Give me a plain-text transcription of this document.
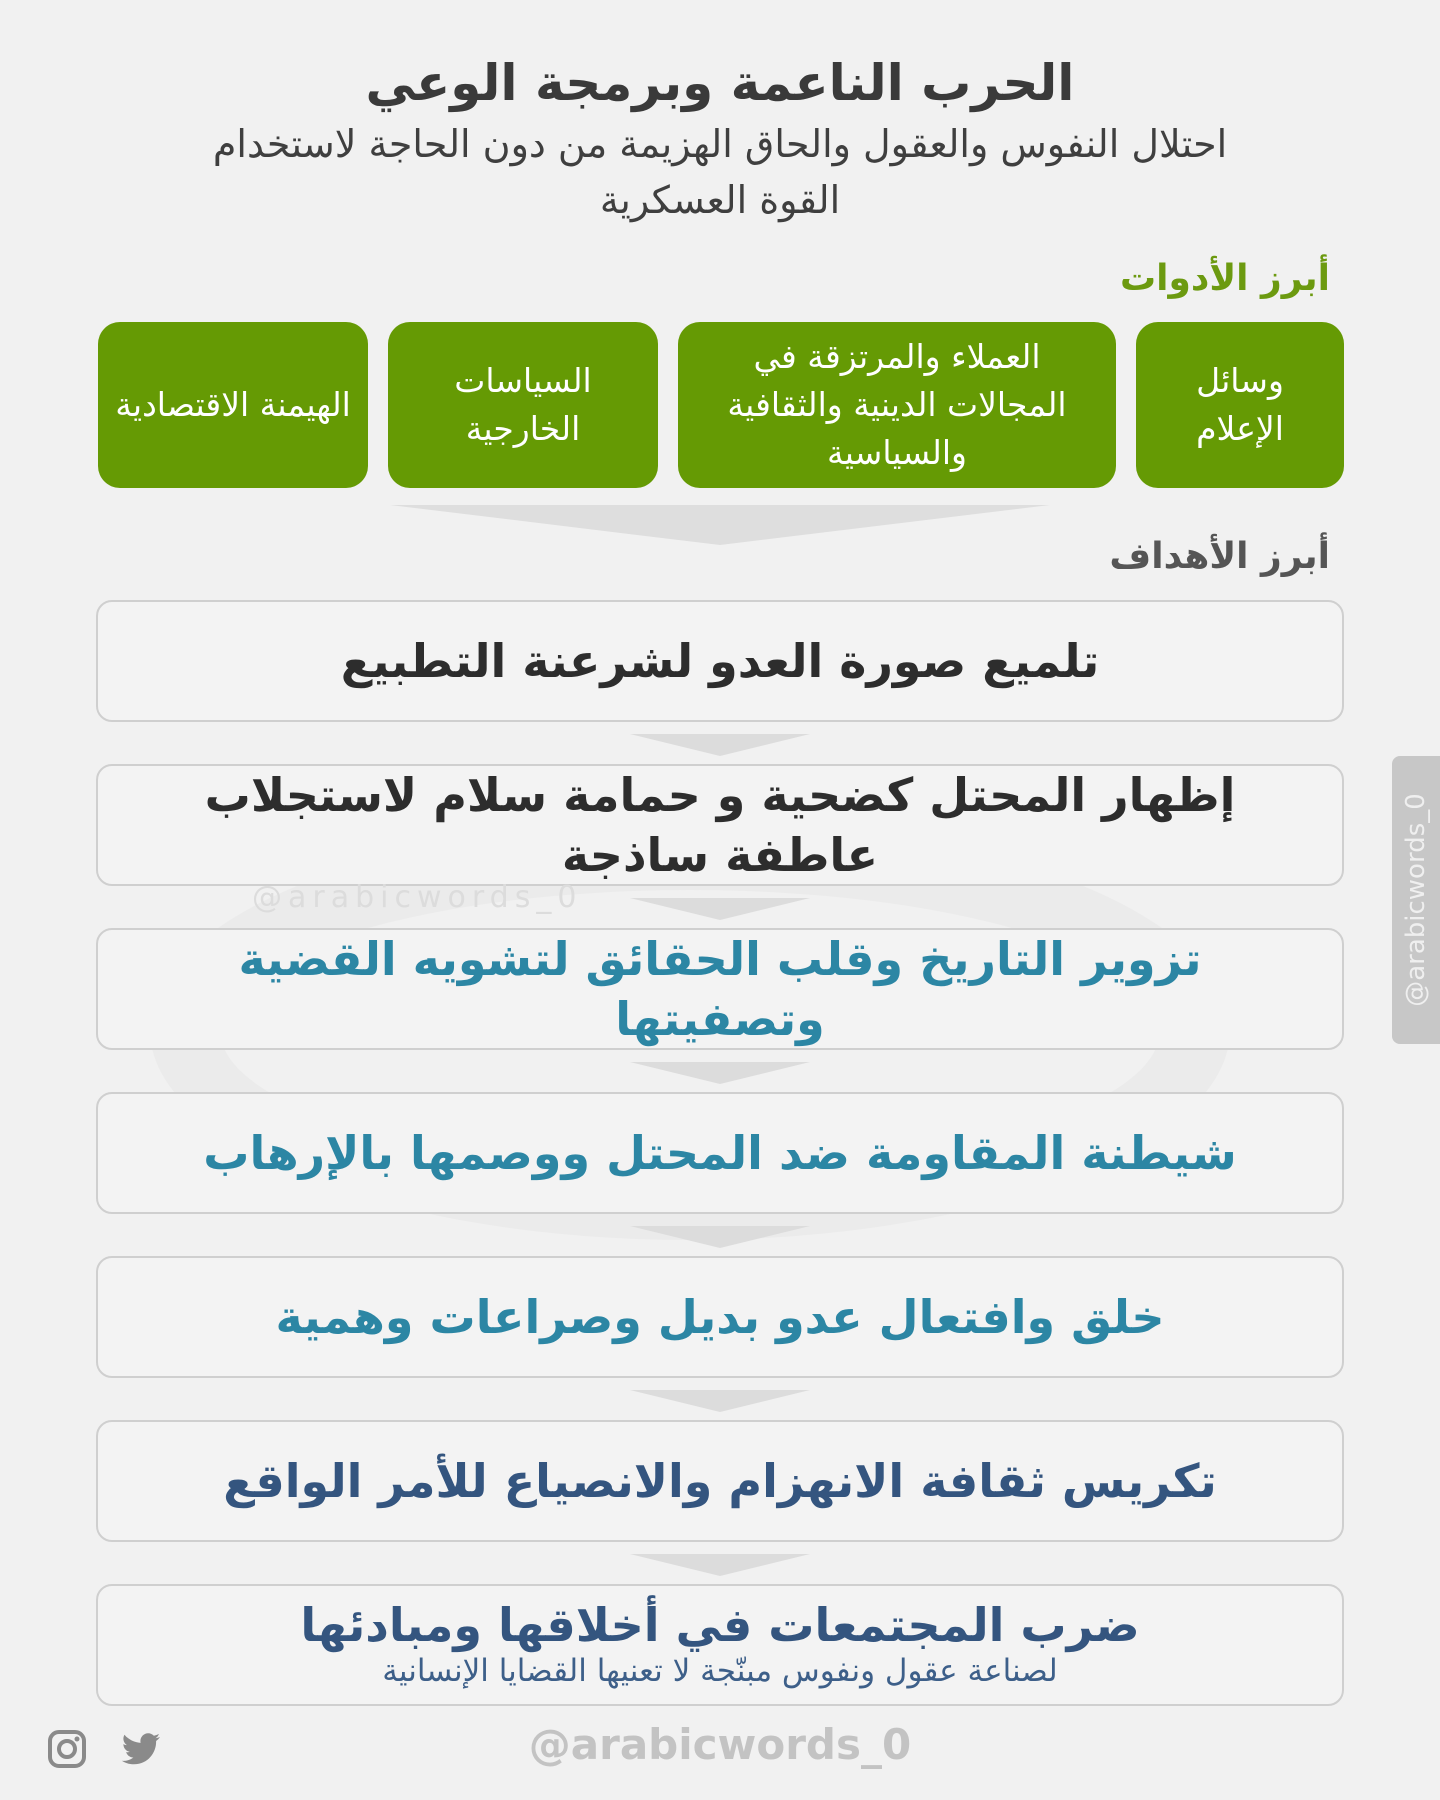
الحرب الناعمة وبرمجة الوعي
احتلال النفوس والعقول والحاق الهزيمة من دون الحاجة لاستخدام القوة العسكرية
أبرز الأدوات
وسائل الإعلام
العملاء والمرتزقة في المجالات الدينية والثقافية والسياسية
السياسات الخارجية
الهيمنة الاقتصادية
أبرز الأهداف
تلميع صورة العدو لشرعنة التطبيع
إظهار المحتل كضحية و حمامة سلام لاستجلاب عاطفة ساذجة
تزوير التاريخ وقلب الحقائق لتشويه القضية وتصفيتها
شيطنة المقاومة ضد المحتل ووصمها بالإرهاب
خلق وافتعال عدو بديل وصراعات وهمية
تكريس ثقافة الانهزام والانصياع للأمر الواقع
ضرب المجتمعات في أخلاقها ومبادئها
لصناعة عقول ونفوس مبنّجة لا تعنيها القضايا الإنسانية
@arabicwords_0	@arabicwords_0
@arabicwords_0
